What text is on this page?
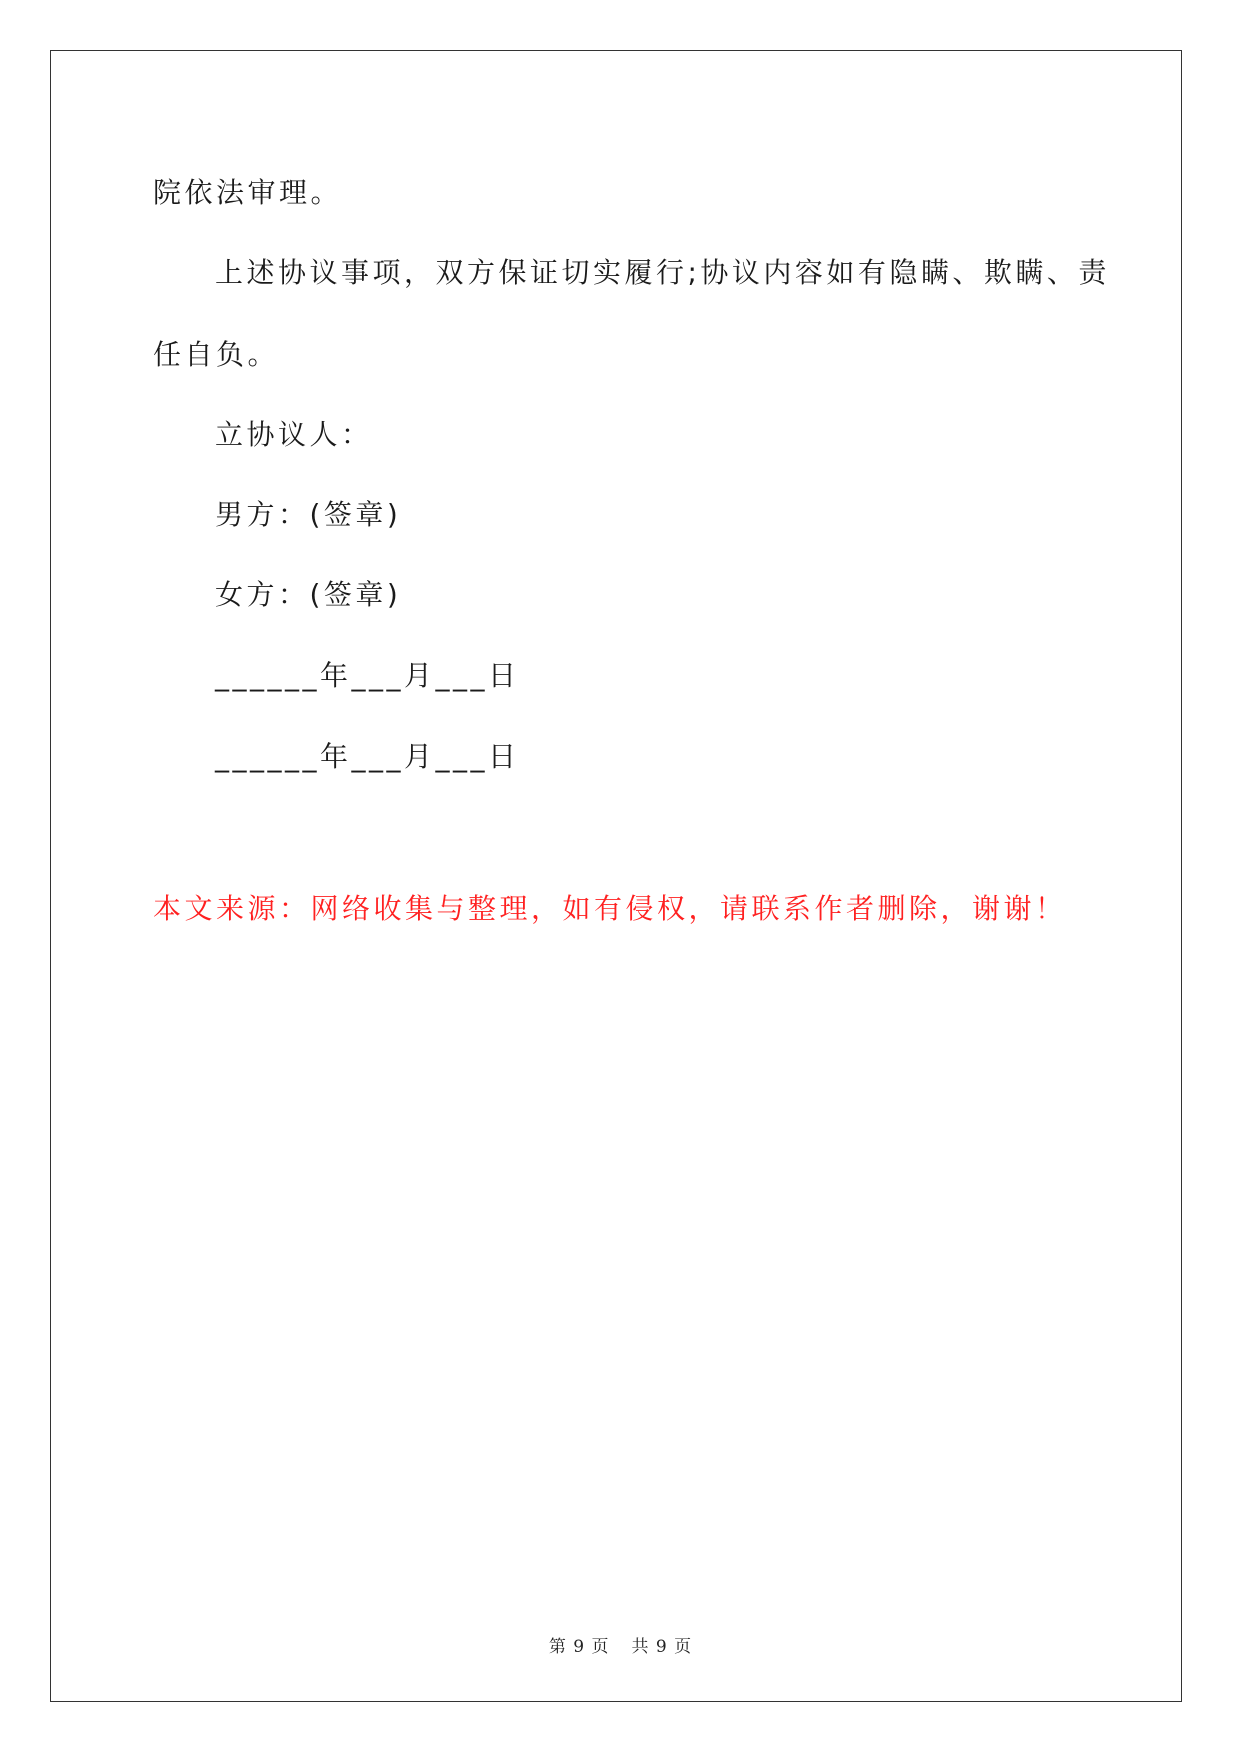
院依法审理。
上述协议事项，双方保证切实履行;协议内容如有隐瞒、欺瞒、责
任自负。
立协议人：
男方：(签章)
女方：(签章)
______年___月___日
______年___月___日
本文来源：网络收集与整理，如有侵权，请联系作者删除，谢谢！
第 9 页 共 9 页
